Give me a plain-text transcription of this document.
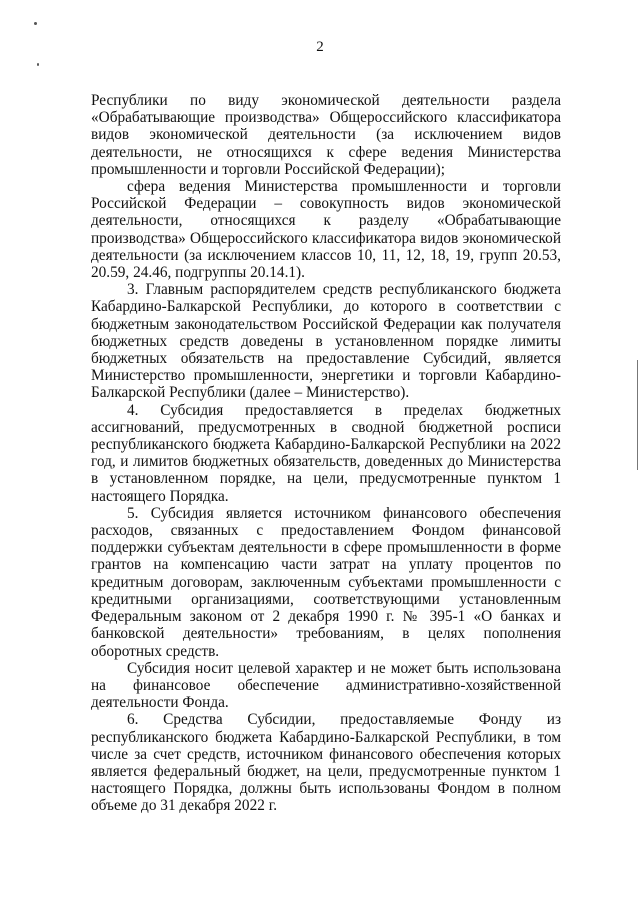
2

Республики по виду экономической деятельности раздела «Обрабатывающие производства» Общероссийского классификатора видов экономической деятельности (за исключением видов деятельности, не относящихся к сфере ведения Министерства промышленности и торговли Российской Федерации);

сфера ведения Министерства промышленности и торговли Российской Федерации – совокупность видов экономической деятельности, относящихся к разделу «Обрабатывающие производства» Общероссийского классификатора видов экономической деятельности (за исключением классов 10, 11, 12, 18, 19, групп 20.53, 20.59, 24.46, подгруппы 20.14.1).

3. Главным распорядителем средств республиканского бюджета Кабардино-Балкарской Республики, до которого в соответствии с бюджетным законодательством Российской Федерации как получателя бюджетных средств доведены в установленном порядке лимиты бюджетных обязательств на предоставление Субсидий, является Министерство промышленности, энергетики и торговли Кабардино-Балкарской Республики (далее – Министерство).

4. Субсидия предоставляется в пределах бюджетных ассигнований, предусмотренных в сводной бюджетной росписи республиканского бюджета Кабардино-Балкарской Республики на 2022 год, и лимитов бюджетных обязательств, доведенных до Министерства в установленном порядке, на цели, предусмотренные пунктом 1 настоящего Порядка.

5. Субсидия является источником финансового обеспечения расходов, связанных с предоставлением Фондом финансовой поддержки субъектам деятельности в сфере промышленности в форме грантов на компенсацию части затрат на уплату процентов по кредитным договорам, заключенным субъектами промышленности с кредитными организациями, соответствующими установленным Федеральным законом от 2 декабря 1990 г. № 395-1 «О банках и банковской деятельности» требованиям, в целях пополнения оборотных средств.

Субсидия носит целевой характер и не может быть использована на финансовое обеспечение административно-хозяйственной деятельности Фонда.

6. Средства Субсидии, предоставляемые Фонду из республиканского бюджета Кабардино-Балкарской Республики, в том числе за счет средств, источником финансового обеспечения которых является федеральный бюджет, на цели, предусмотренные пунктом 1 настоящего Порядка, должны быть использованы Фондом в полном объеме до 31 декабря 2022 г.
